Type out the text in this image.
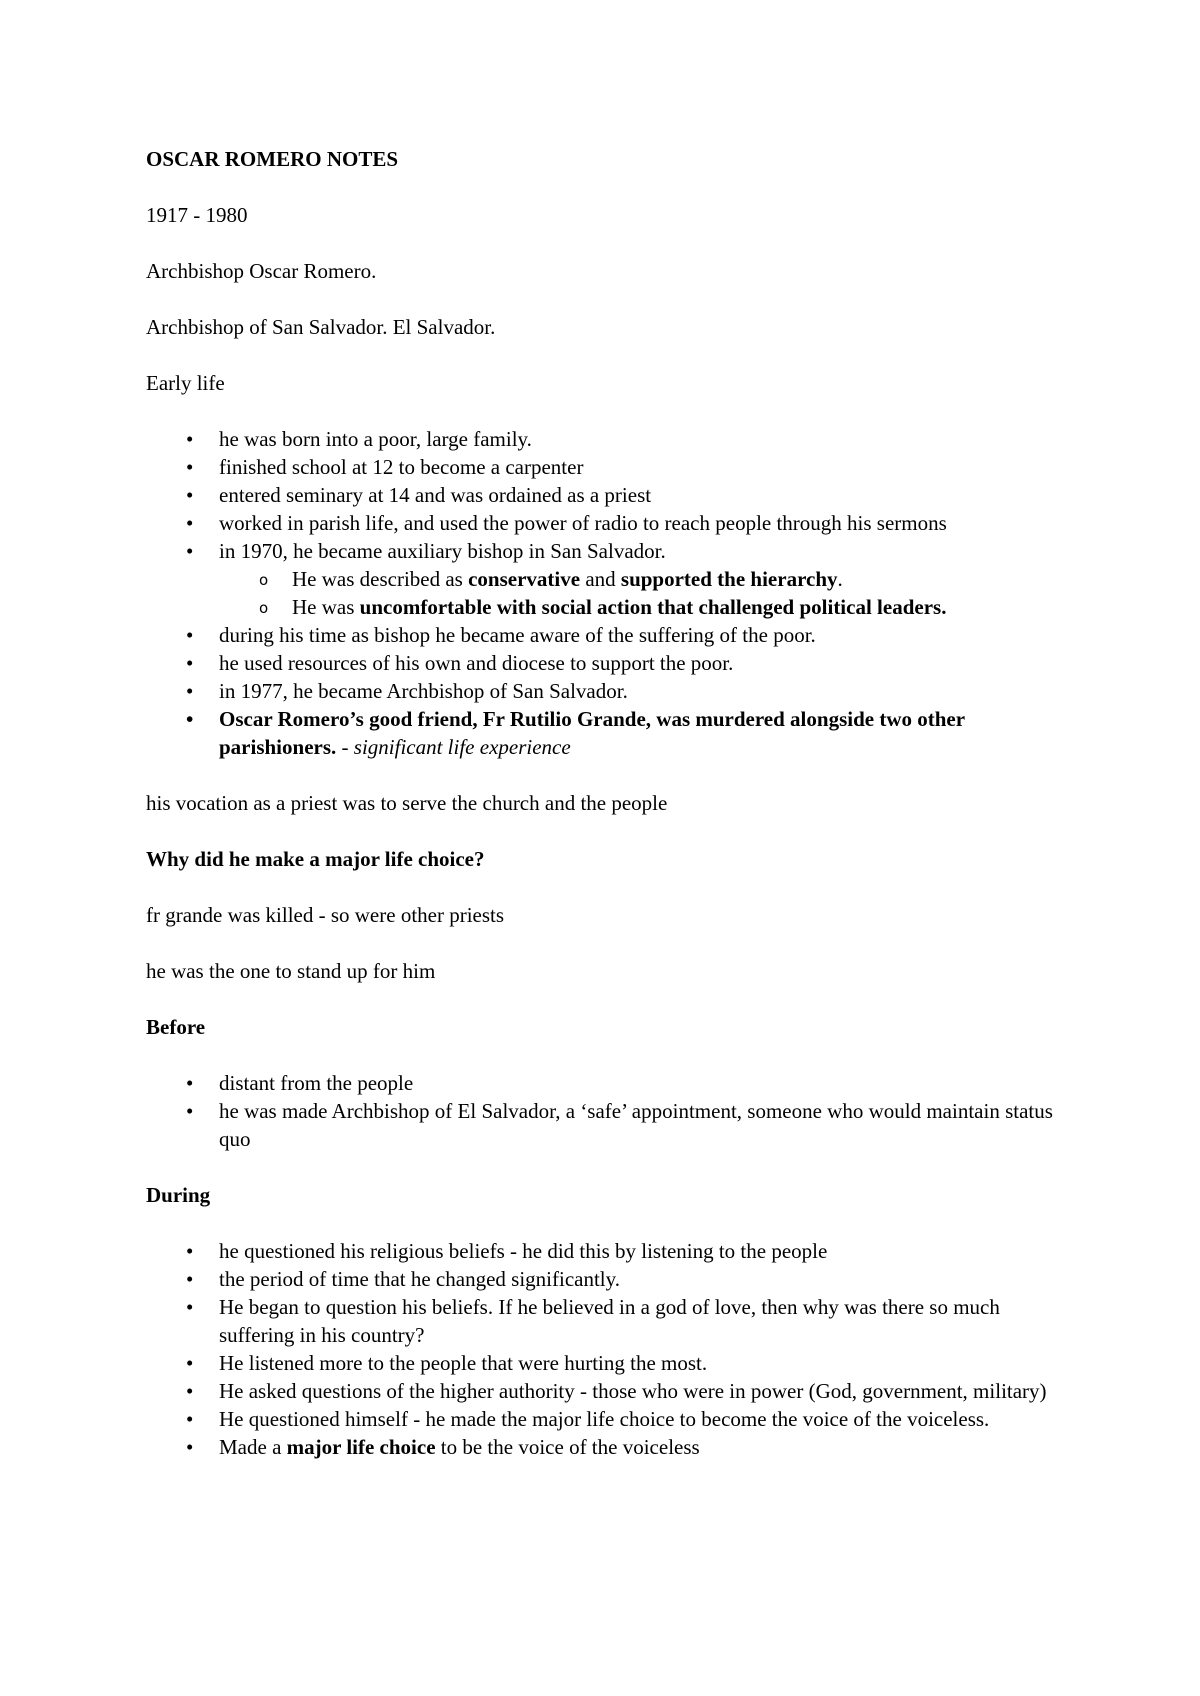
OSCAR ROMERO NOTES
1917 - 1980
Archbishop Oscar Romero.
Archbishop of San Salvador. El Salvador.
Early life
•	he was born into a poor, large family.
•	finished school at 12 to become a carpenter
•	entered seminary at 14 and was ordained as a priest
•	worked in parish life, and used the power of radio to reach people through his sermons
•	in 1970, he became auxiliary bishop in San Salvador.
o He was described as conservative and supported the hierarchy.
o He was uncomfortable with social action that challenged political leaders.
•	during his time as bishop he became aware of the suffering of the poor.
•	he used resources of his own and diocese to support the poor.
•	in 1977, he became Archbishop of San Salvador.
•	Oscar Romero’s good friend, Fr Rutilio Grande, was murdered alongside two other parishioners. - significant life experience
his vocation as a priest was to serve the church and the people
Why did he make a major life choice?
fr grande was killed - so were other priests
he was the one to stand up for him
Before
•	distant from the people
•	he was made Archbishop of El Salvador, a ‘safe’ appointment, someone who would maintain status quo
During
•	he questioned his religious beliefs - he did this by listening to the people
•	the period of time that he changed significantly.
•	He began to question his beliefs. If he believed in a god of love, then why was there so much suffering in his country?
•	He listened more to the people that were hurting the most.
•	He asked questions of the higher authority - those who were in power (God, government, military)
•	He questioned himself - he made the major life choice to become the voice of the voiceless.
•	Made a major life choice to be the voice of the voiceless
